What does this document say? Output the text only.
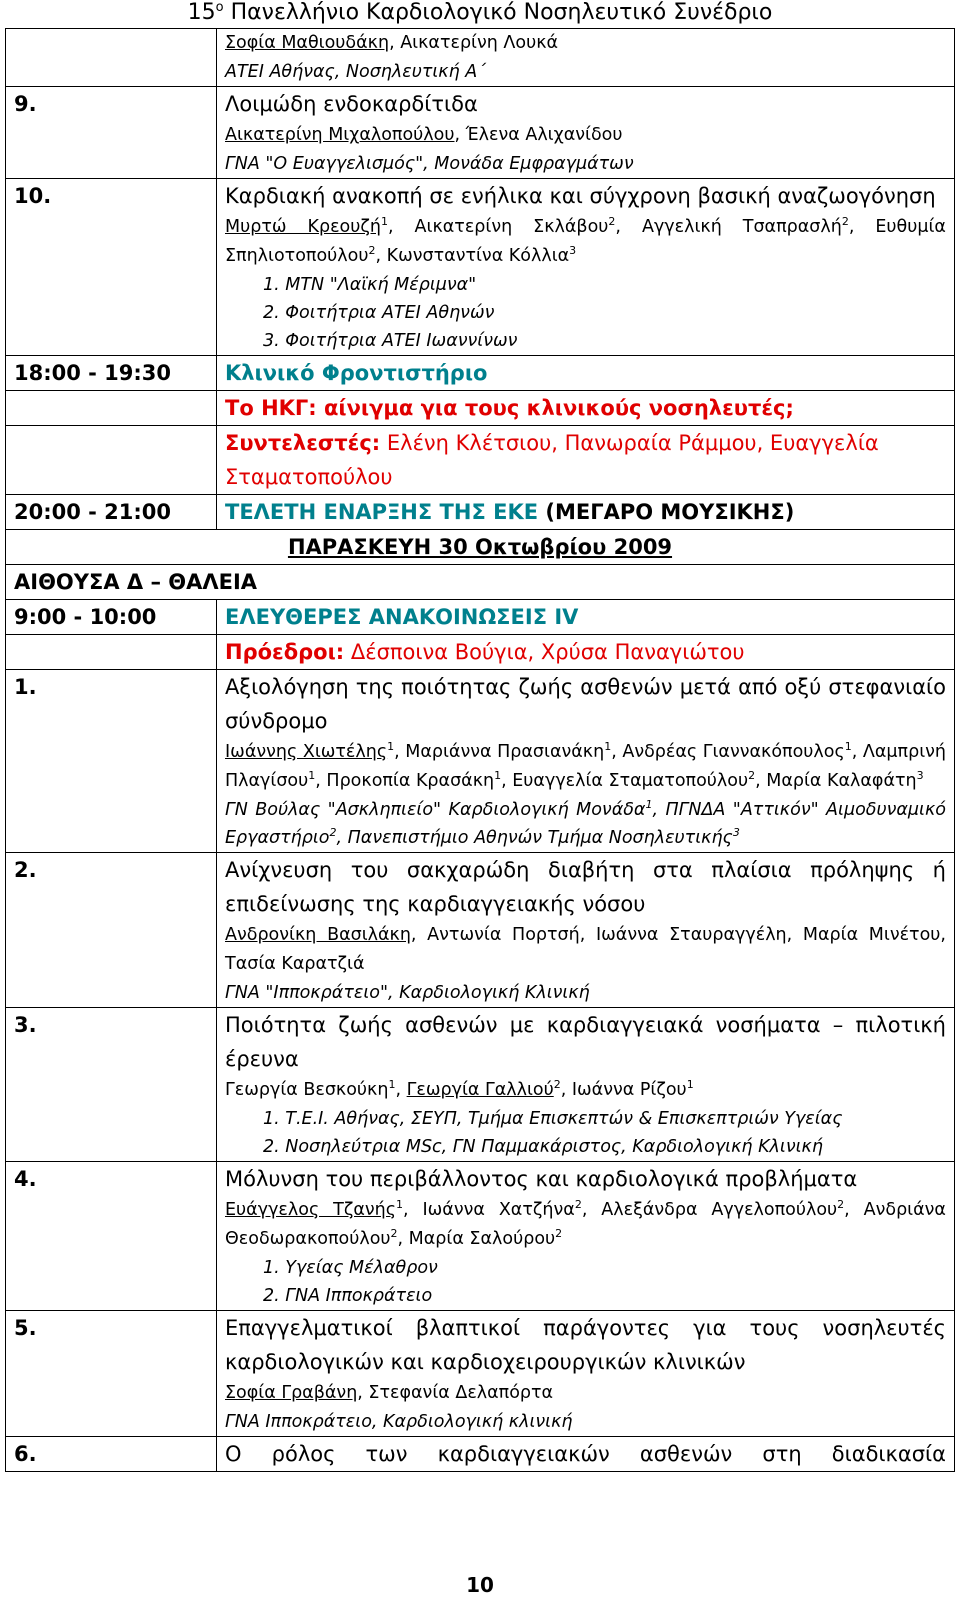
$15^o$ Πανελλήνιο Καρδιολογικό Νοσηλευτικό Συνέδριο

	Σοφία Μαθιουδάκη, Αικατερίνη Λουκά
ΑΤΕΙ Αθήνας, Νοσηλευτική Α΄

9.	Λοιμώδη ενδοκαρδίτιδα
Αικατερίνη Μιχαλοπούλου, Έλενα Αλιχανίδου
ΓΝΑ "Ο Ευαγγελισμός", Μονάδα Εμφραγμάτων

10.	Καρδιακή ανακοπή σε ενήλικα και σύγχρονη βασική αναζωογόνηση
Μυρτώ Κρεουζή$^1$, Αικατερίνη Σκλάβου$^2$, Αγγελική Τσαπρασλή$^2$, Ευθυμία Σπηλιοτοπούλου$^2$, Κωνσταντίνα Κόλλια$^3$
1. ΜΤΝ "Λαϊκή Μέριμνα"
2. Φοιτήτρια ΑΤΕΙ Αθηνών
3. Φοιτήτρια ΑΤΕΙ Ιωαννίνων

18:00 - 19:30	Κλινικό Φροντιστήριο

	Το ΗΚΓ: αίνιγμα για τους κλινικούς νοσηλευτές;

	Συντελεστές: Ελένη Κλέτσιου, Πανωραία Ράμμου, Ευαγγελία Σταματοπούλου

20:00 - 21:00	ΤΕΛΕΤΗ ΕΝΑΡΞΗΣ ΤΗΣ ΕΚΕ (ΜΕΓΑΡΟ ΜΟΥΣΙΚΗΣ)

ΠΑΡΑΣΚΕΥΗ 30 Οκτωβρίου 2009	

ΑΙΘΟΥΣΑ Δ – ΘΑΛΕΙΑ	

9:00 - 10:00	ΕΛΕΥΘΕΡΕΣ ΑΝΑΚΟΙΝΩΣΕΙΣ IV

	Πρόεδροι: Δέσποινα Βούγια, Χρύσα Παναγιώτου

1.	Αξιολόγηση της ποιότητας ζωής ασθενών μετά από οξύ στεφανιαίο σύνδρομο
Ιωάννης Χιωτέλης$^1$, Μαριάννα Πρασιανάκη$^1$, Ανδρέας Γιαννακόπουλος$^1$, Λαμπρινή Πλαγίσου$^1$, Προκοπία Κρασάκη$^1$, Ευαγγελία Σταματοπούλου$^2$, Μαρία Καλαφάτη$^3$
ΓΝ Βούλας "Ασκληπιείο" Καρδιολογική Μονάδα$^1$, ΠΓΝΔΑ "Αττικόν" Αιμοδυναμικό Εργαστήριο$^2$, Πανεπιστήμιο Αθηνών Τμήμα Νοσηλευτικής$^3$

2.	Ανίχνευση του σακχαρώδη διαβήτη στα πλαίσια πρόληψης ή επιδείνωσης της καρδιαγγειακής νόσου
Ανδρονίκη Βασιλάκη, Αντωνία Πορτσή, Ιωάννα Σταυραγγέλη, Μαρία Μινέτου, Τασία Καρατζιά
ΓΝΑ "Ιπποκράτειο", Καρδιολογική Κλινική

3.	Ποιότητα ζωής ασθενών με καρδιαγγειακά νοσήματα – πιλοτική έρευνα
Γεωργία Βεσκούκη$^1$, Γεωργία Γαλλιού$^2$, Ιωάννα Ρίζου$^1$
1. Τ.Ε.Ι. Αθήνας, ΣΕΥΠ, Τμήμα Επισκεπτών & Επισκεπτριών Υγείας
2. Νοσηλεύτρια MSc, ΓΝ Παμμακάριστος, Καρδιολογική Κλινική

4.	Μόλυνση του περιβάλλοντος και καρδιολογικά προβλήματα
Ευάγγελος Τζανής$^1$, Ιωάννα Χατζήνα$^2$, Αλεξάνδρα Αγγελοπούλου$^2$, Ανδριάνα Θεοδωρακοπούλου$^2$, Μαρία Σαλούρου$^2$
1. Υγείας Μέλαθρον
2. ΓΝΑ Ιπποκράτειο

5.	Επαγγελματικοί βλαπτικοί παράγοντες για τους νοσηλευτές καρδιολογικών και καρδιοχειρουργικών κλινικών
Σοφία Γραβάνη, Στεφανία Δελαπόρτα
ΓΝΑ Ιπποκράτειο, Καρδιολογική κλινική

6.	Ο ρόλος των καρδιαγγειακών ασθενών στη διαδικασία
10
